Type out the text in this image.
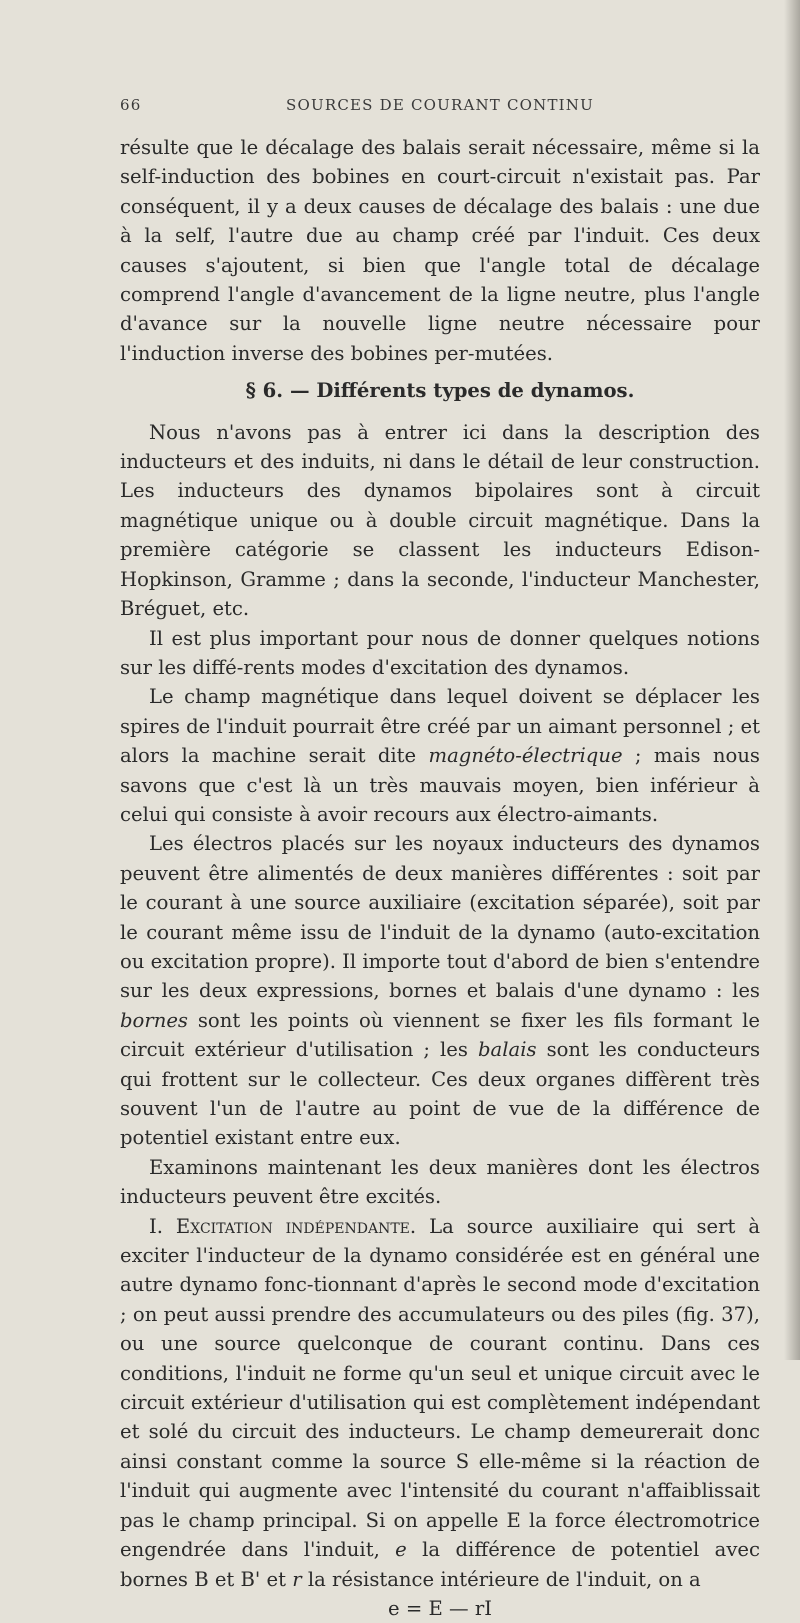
66	SOURCES DE COURANT CONTINU

résulte que le décalage des balais serait nécessaire, même si la self-induction des bobines en court-circuit n'existait pas. Par conséquent, il y a deux causes de décalage des balais : une due à la self, l'autre due au champ créé par l'induit. Ces deux causes s'ajoutent, si bien que l'angle total de décalage comprend l'angle d'avancement de la ligne neutre, plus l'angle d'avance sur la nouvelle ligne neutre nécessaire pour l'induction inverse des bobines per-mutées.

§ 6. — Différents types de dynamos.

Nous n'avons pas à entrer ici dans la description des inducteurs et des induits, ni dans le détail de leur construction. Les inducteurs des dynamos bipolaires sont à circuit magnétique unique ou à double circuit magnétique. Dans la première catégorie se classent les inducteurs Edison-Hopkinson, Gramme ; dans la seconde, l'inducteur Manchester, Bréguet, etc.

Il est plus important pour nous de donner quelques notions sur les diffé-rents modes d'excitation des dynamos.

Le champ magnétique dans lequel doivent se déplacer les spires de l'induit pourrait être créé par un aimant personnel ; et alors la machine serait dite magnéto-électrique ; mais nous savons que c'est là un très mauvais moyen, bien inférieur à celui qui consiste à avoir recours aux électro-aimants.

Les électros placés sur les noyaux inducteurs des dynamos peuvent être alimentés de deux manières différentes : soit par le courant à une source auxiliaire (excitation séparée), soit par le courant même issu de l'induit de la dynamo (auto-excitation ou excitation propre). Il importe tout d'abord de bien s'entendre sur les deux expressions, bornes et balais d'une dynamo : les bornes sont les points où viennent se fixer les fils formant le circuit extérieur d'utilisation ; les balais sont les conducteurs qui frottent sur le collecteur. Ces deux organes diffèrent très souvent l'un de l'autre au point de vue de la différence de potentiel existant entre eux.

Examinons maintenant les deux manières dont les électros inducteurs peuvent être excités.

I. Excitation indépendante. La source auxiliaire qui sert à exciter l'inducteur de la dynamo considérée est en général une autre dynamo fonc-tionnant d'après le second mode d'excitation ; on peut aussi prendre des accumulateurs ou des piles (fig. 37), ou une source quelconque de courant continu. Dans ces conditions, l'induit ne forme qu'un seul et unique circuit avec le circuit extérieur d'utilisation qui est complètement indépendant et solé du circuit des inducteurs. Le champ demeurerait donc ainsi constant comme la source S elle-même si la réaction de l'induit qui augmente avec l'intensité du courant n'affaiblissait pas le champ principal. Si on appelle E la force électromotrice engendrée dans l'induit, e la différence de potentiel avec bornes B et B' et r la résistance intérieure de l'induit, on a

e = E — rI
